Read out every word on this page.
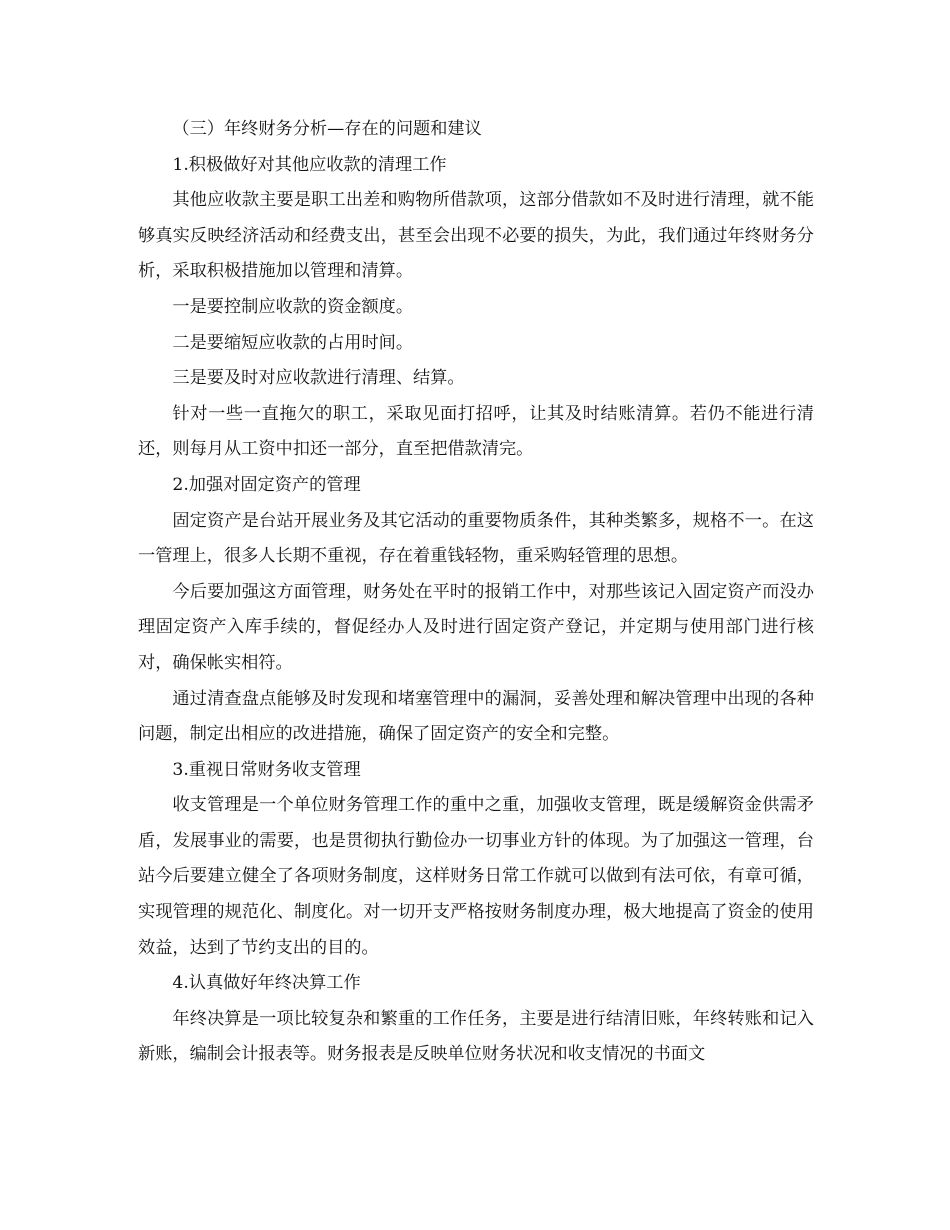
（三）年终财务分析—存在的问题和建议

1.积极做好对其他应收款的清理工作

其他应收款主要是职工出差和购物所借款项，这部分借款如不及时进行清理，就不能够真实反映经济活动和经费支出，甚至会出现不必要的损失，为此，我们通过年终财务分析，采取积极措施加以管理和清算。

一是要控制应收款的资金额度。

二是要缩短应收款的占用时间。

三是要及时对应收款进行清理、结算。

针对一些一直拖欠的职工，采取见面打招呼，让其及时结账清算。若仍不能进行清还，则每月从工资中扣还一部分，直至把借款清完。

2.加强对固定资产的管理

固定资产是台站开展业务及其它活动的重要物质条件，其种类繁多，规格不一。在这一管理上，很多人长期不重视，存在着重钱轻物，重采购轻管理的思想。

今后要加强这方面管理，财务处在平时的报销工作中，对那些该记入固定资产而没办理固定资产入库手续的，督促经办人及时进行固定资产登记，并定期与使用部门进行核对，确保帐实相符。

通过清查盘点能够及时发现和堵塞管理中的漏洞，妥善处理和解决管理中出现的各种问题，制定出相应的改进措施，确保了固定资产的安全和完整。

3.重视日常财务收支管理

收支管理是一个单位财务管理工作的重中之重，加强收支管理，既是缓解资金供需矛盾，发展事业的需要，也是贯彻执行勤俭办一切事业方针的体现。为了加强这一管理，台站今后要建立健全了各项财务制度，这样财务日常工作就可以做到有法可依，有章可循，实现管理的规范化、制度化。对一切开支严格按财务制度办理，极大地提高了资金的使用效益，达到了节约支出的目的。

4.认真做好年终决算工作

年终决算是一项比较复杂和繁重的工作任务，主要是进行结清旧账，年终转账和记入新账，编制会计报表等。财务报表是反映单位财务状况和收支情况的书面文
